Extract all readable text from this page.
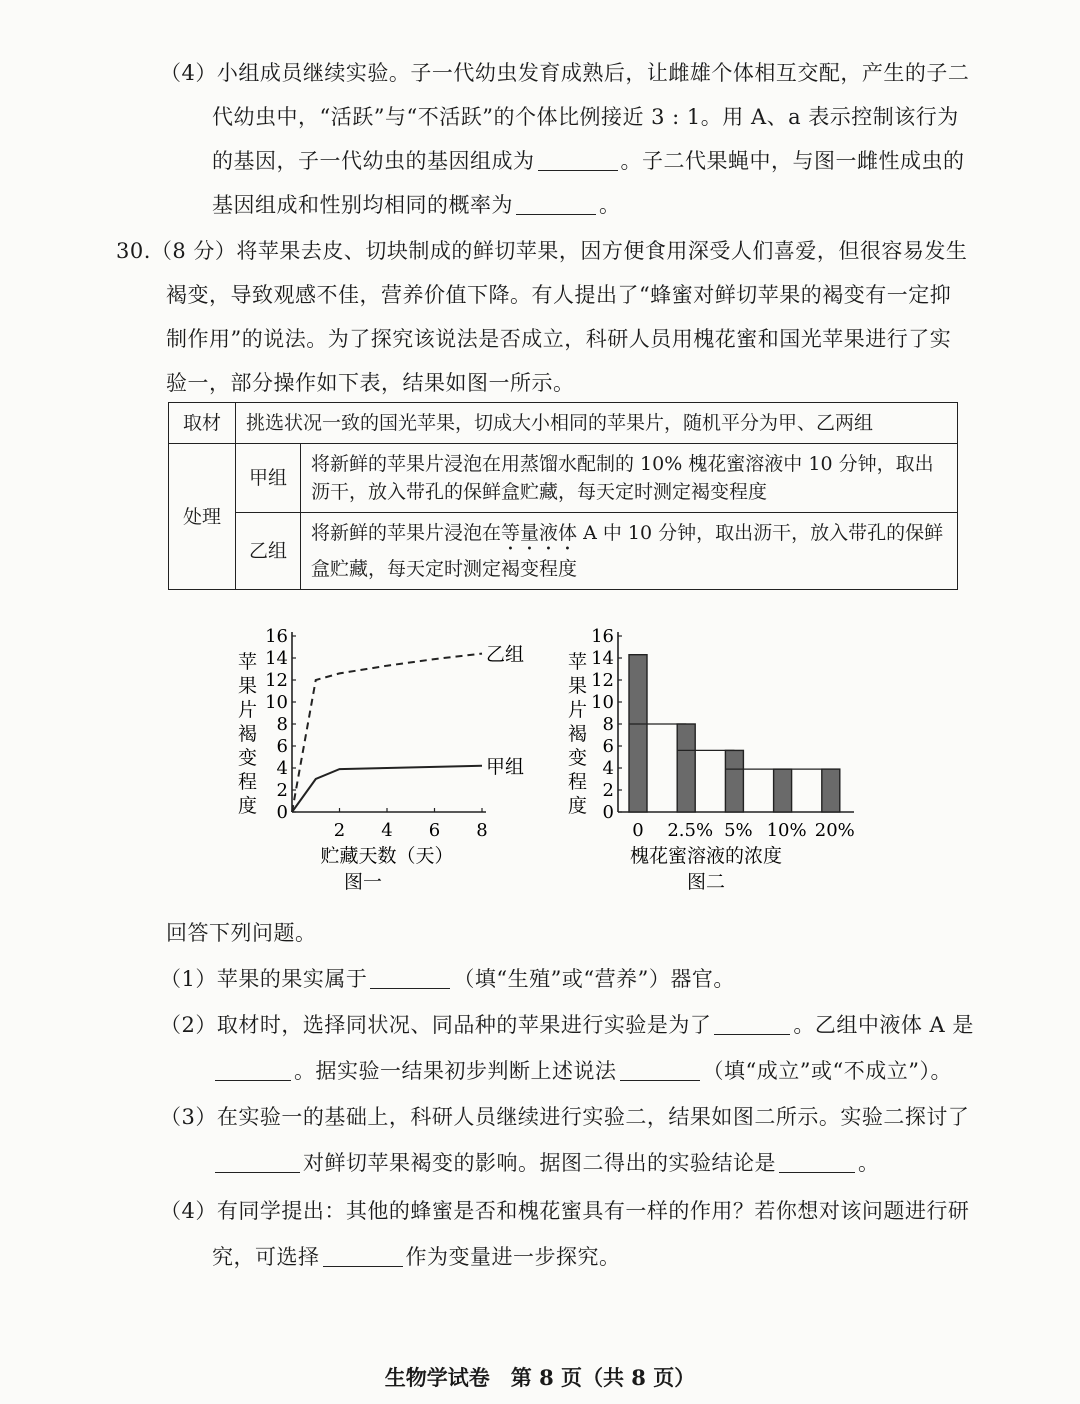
（4）小组成员继续实验。子一代幼虫发育成熟后，让雌雄个体相互交配，产生的子二
代幼虫中，“活跃”与“不活跃”的个体比例接近 3 : 1。用 A、a 表示控制该行为
的基因，子一代幼虫的基因组成为	。子二代果蝇中，与图一雌性成虫的
基因组成和性别均相同的概率为	。
30.（8 分）将苹果去皮、切块制成的鲜切苹果，因方便食用深受人们喜爱，但很容易发生
褐变，导致观感不佳，营养价值下降。有人提出了“蜂蜜对鲜切苹果的褐变有一定抑
制作用”的说法。为了探究该说法是否成立，科研人员用槐花蜜和国光苹果进行了实
验一，部分操作如下表，结果如图一所示。
取材	挑选状况一致的国光苹果，切成大小相同的苹果片，随机平分为甲、乙两组	
处理	甲组	将新鲜的苹果片浸泡在用蒸馏水配制的 10% 槐花蜜溶液中 10 分钟，取出沥干，放入带孔的保鲜盒贮藏，每天定时测定褐变程度
	乙组	将新鲜的苹果片浸泡在等量液体 A 中 10 分钟，取出沥干，放入带孔的保鲜盒贮藏，每天定时测定褐变程度
0
2
4
6
8
10
12
14
16
2 4 6 8
乙组
甲组
苹果片褐变程度
贮藏天数（天）
图一
0
2
4
6
8
10
12
14
16
0 2.5% 5% 10% 20%
苹果片褐变程度
槐花蜜溶液的浓度
图二
回答下列问题。
（1）苹果的果实属于	（填“生殖”或“营养”）器官。
（2）取材时，选择同状况、同品种的苹果进行实验是为了	。乙组中液体 A 是
。据实验一结果初步判断上述说法	（填“成立”或“不成立”）。
（3）在实验一的基础上，科研人员继续进行实验二，结果如图二所示。实验二探讨了
对鲜切苹果褐变的影响。据图二得出的实验结论是	。
（4）有同学提出：其他的蜂蜜是否和槐花蜜具有一样的作用？若你想对该问题进行研
究，可选择	作为变量进一步探究。
生物学试卷　第 8 页（共 8 页）
